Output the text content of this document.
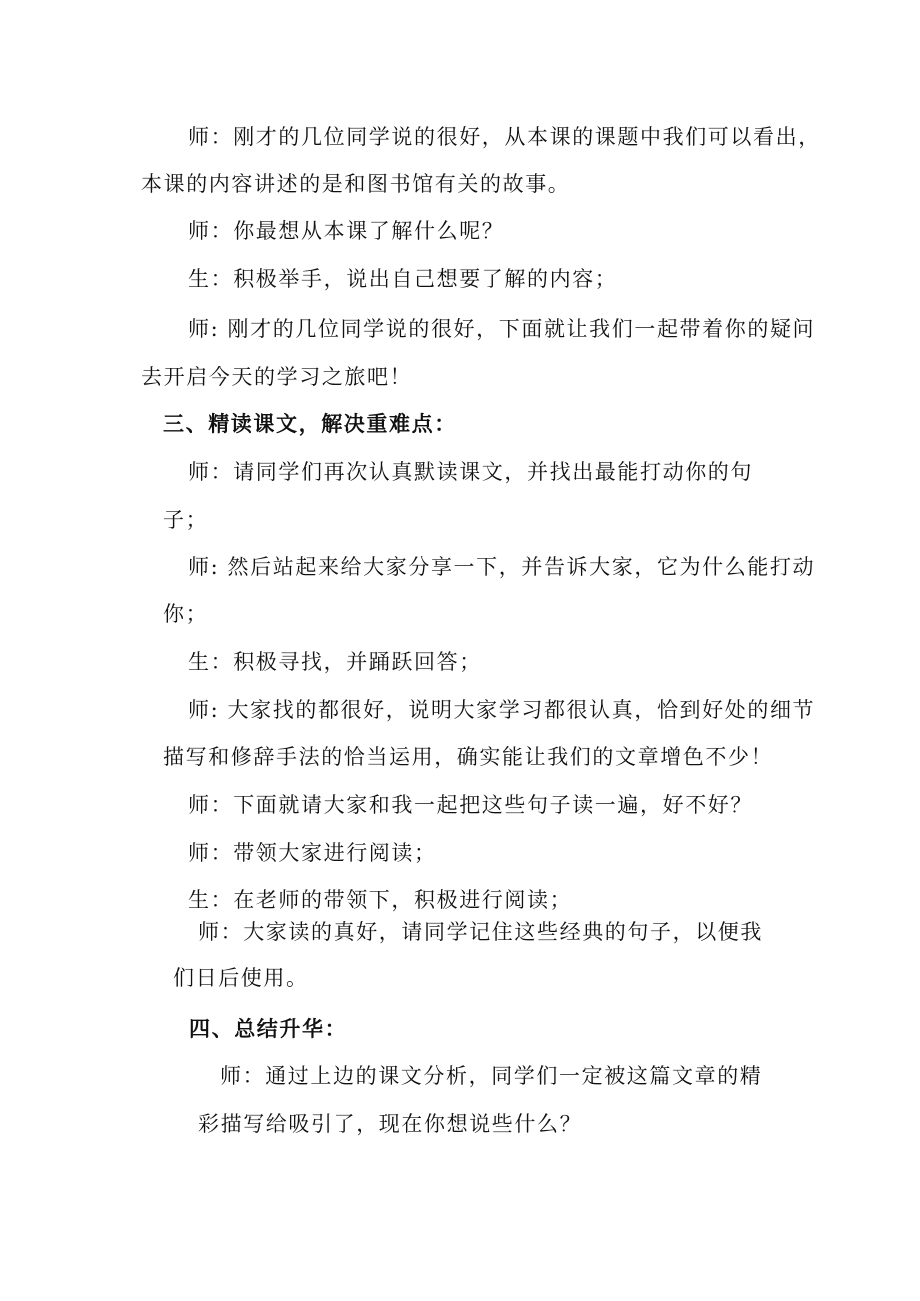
师：刚才的几位同学说的很好，从本课的课题中我们可以看出，
本课的内容讲述的是和图书馆有关的故事。
师：你最想从本课了解什么呢？
生：积极举手，说出自己想要了解的内容；
师: 刚才的几位同学说的很好，下面就让我们一起带着你的疑问
去开启今天的学习之旅吧！
三、精读课文，解决重难点：
师：请同学们再次认真默读课文，并找出最能打动你的句
子；
师: 然后站起来给大家分享一下，并告诉大家，它为什么能打动
你；
生：积极寻找，并踊跃回答；
师: 大家找的都很好，说明大家学习都很认真，恰到好处的细节
描写和修辞手法的恰当运用，确实能让我们的文章增色不少！
师：下面就请大家和我一起把这些句子读一遍，好不好？
师：带领大家进行阅读；
生：在老师的带领下，积极进行阅读；
师：大家读的真好，请同学记住这些经典的句子，以便我
们日后使用。
四、总结升华：
师：通过上边的课文分析，同学们一定被这篇文章的精
彩描写给吸引了，现在你想说些什么？
